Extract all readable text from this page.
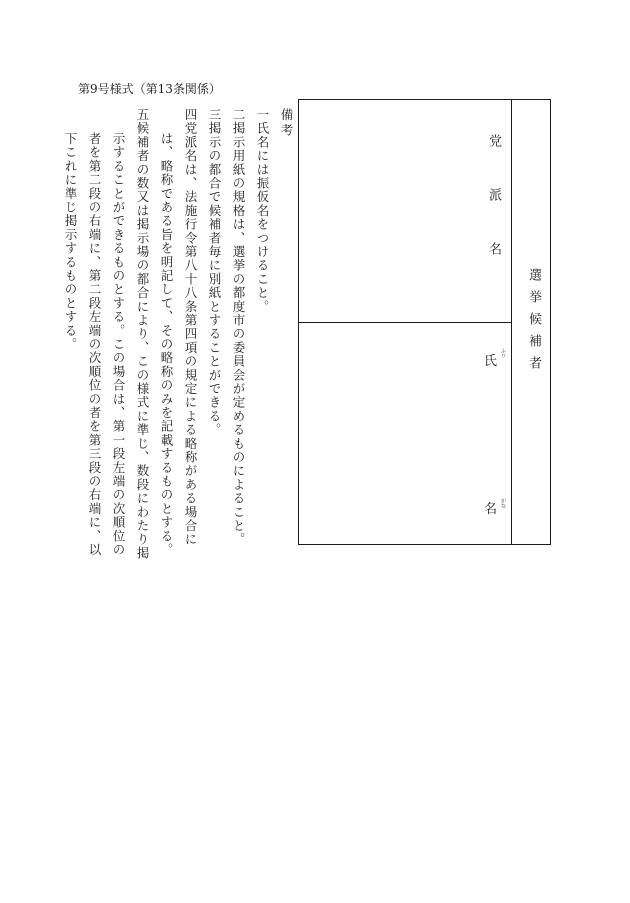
第9号様式（第13条関係）
備考
一氏名には振仮名をつけること。
二掲示用紙の規格は、選挙の都度市の委員会が定めるものによること。
三掲示の都合で候補者毎に別紙とすることができる。
四党派名は、法施行令第八十八条第四項の規定による略称がある場合には、略称である旨を明記して、その略称のみを記載するものとする。
五候補者の数又は掲示場の都合により、この様式に準じ、数段にわたり掲示することができるものとする。この場合は、第一段左端の次順位の者を第二段の右端に、第二段左端の次順位の者を第三段の右端に、以下これに準じ掲示するものとする。	選挙候補者
党派名
氏
ふり
名 がな
